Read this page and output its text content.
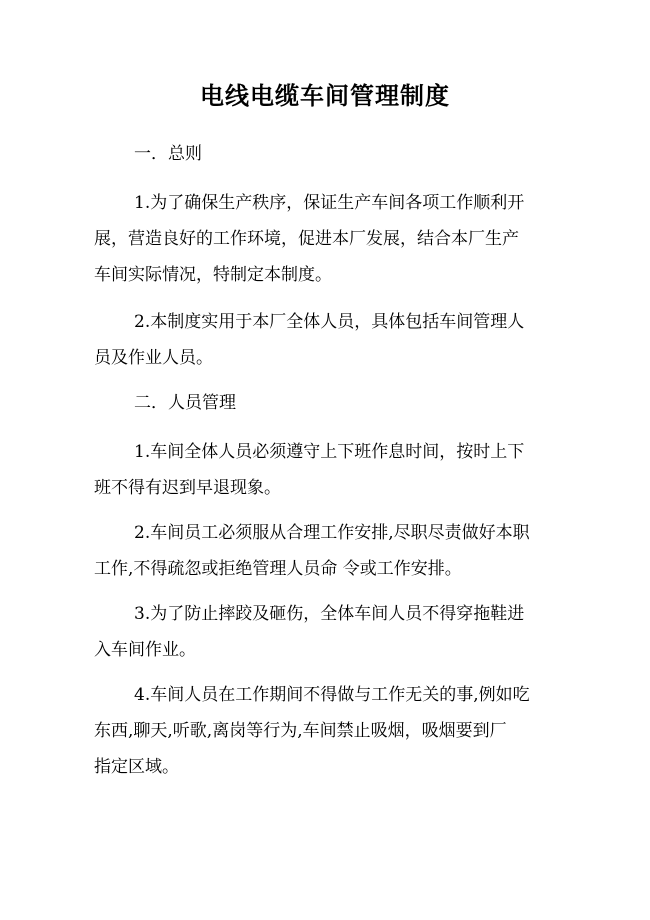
电线电缆车间管理制度

一．总则

1.为了确保生产秩序，保证生产车间各项工作顺利开
展，营造良好的工作环境，促进本厂发展，结合本厂生产
车间实际情况，特制定本制度。
2.本制度实用于本厂全体人员，具体包括车间管理人
员及作业人员。

二．人员管理

1.车间全体人员必须遵守上下班作息时间，按时上下
班不得有迟到早退现象。
2.车间员工必须服从合理工作安排,尽职尽责做好本职
工作,不得疏忽或拒绝管理人员命 令或工作安排。
3.为了防止摔跤及砸伤，全体车间人员不得穿拖鞋进
入车间作业。
4.车间人员在工作期间不得做与工作无关的事,例如吃
东西,聊天,听歌,离岗等行为,车间禁止吸烟，吸烟要到厂
指定区域。
